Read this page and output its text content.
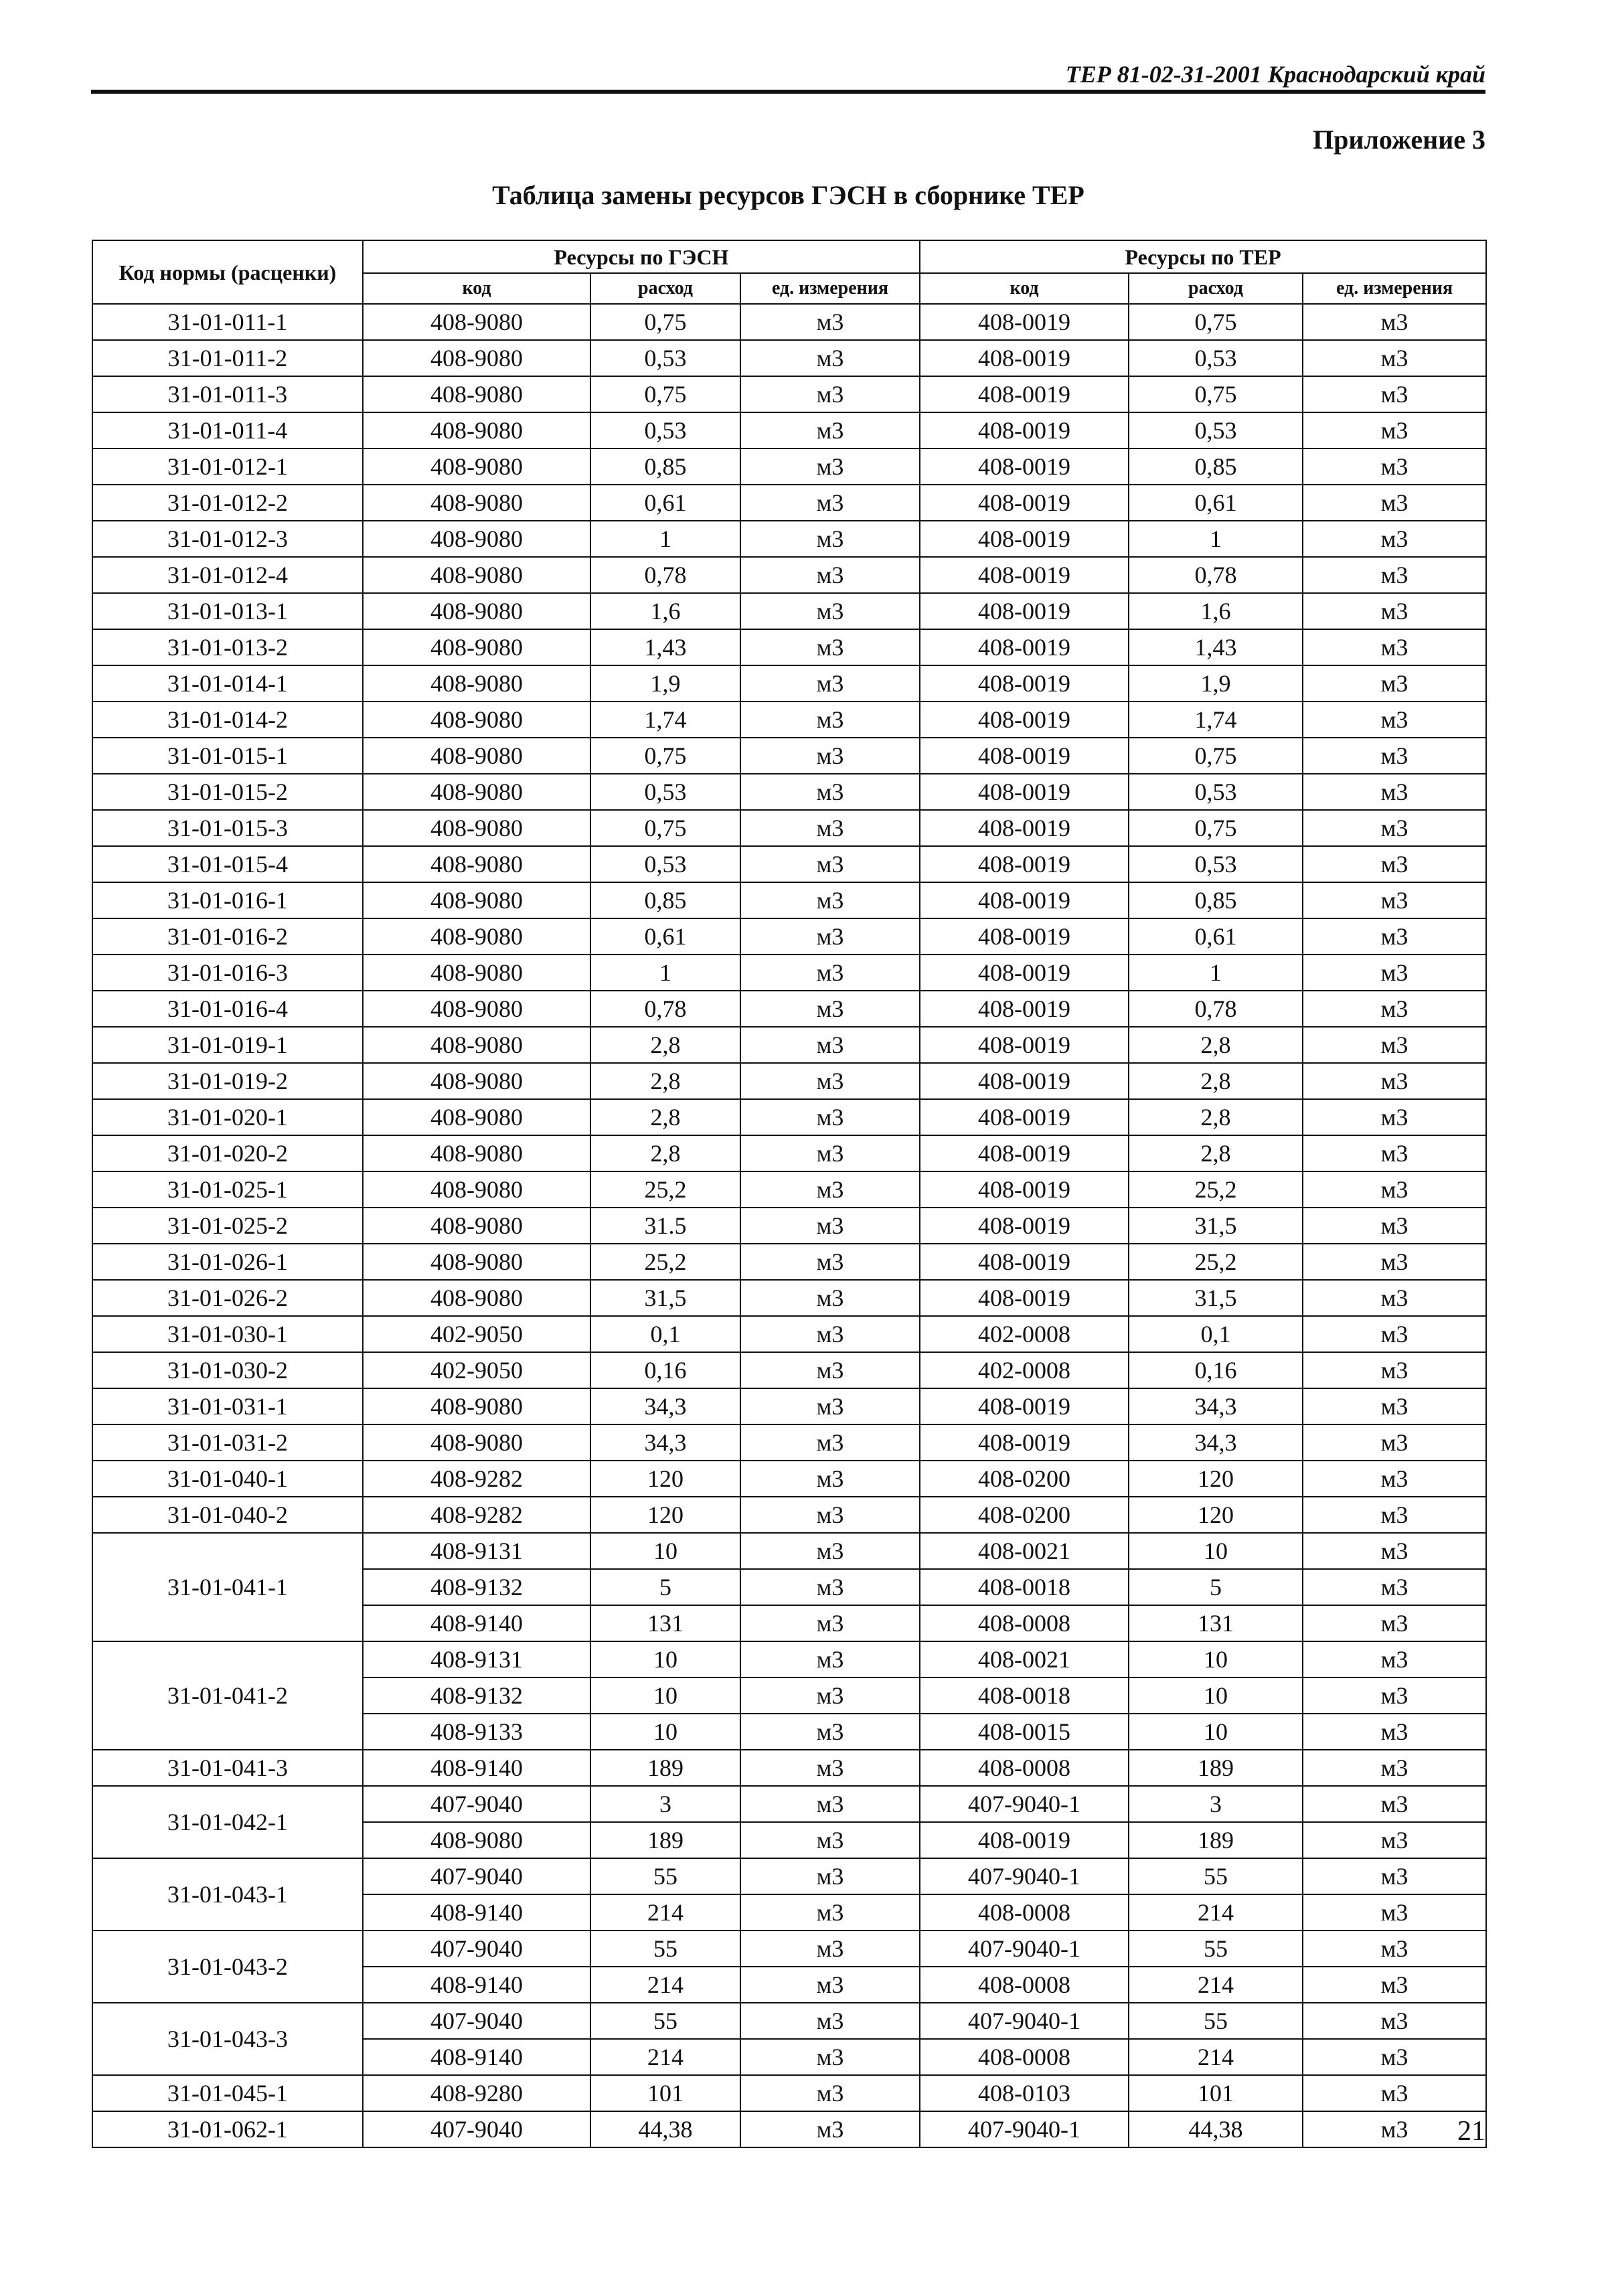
ТЕР 81-02-31-2001 Краснодарский край
Приложение 3
Таблица замены ресурсов ГЭСН в сборнике ТЕР
Код нормы (расценки)	Ресурсы по ГЭСН			Ресурсы по ТЕР		
	код	расход	ед. измерения	код	расход	ед. измерения
31-01-011-1	408-9080	0,75	м3	408-0019	0,75	м3
31-01-011-2	408-9080	0,53	м3	408-0019	0,53	м3
31-01-011-3	408-9080	0,75	м3	408-0019	0,75	м3
31-01-011-4	408-9080	0,53	м3	408-0019	0,53	м3
31-01-012-1	408-9080	0,85	м3	408-0019	0,85	м3
31-01-012-2	408-9080	0,61	м3	408-0019	0,61	м3
31-01-012-3	408-9080	1	м3	408-0019	1	м3
31-01-012-4	408-9080	0,78	м3	408-0019	0,78	м3
31-01-013-1	408-9080	1,6	м3	408-0019	1,6	м3
31-01-013-2	408-9080	1,43	м3	408-0019	1,43	м3
31-01-014-1	408-9080	1,9	м3	408-0019	1,9	м3
31-01-014-2	408-9080	1,74	м3	408-0019	1,74	м3
31-01-015-1	408-9080	0,75	м3	408-0019	0,75	м3
31-01-015-2	408-9080	0,53	м3	408-0019	0,53	м3
31-01-015-3	408-9080	0,75	м3	408-0019	0,75	м3
31-01-015-4	408-9080	0,53	м3	408-0019	0,53	м3
31-01-016-1	408-9080	0,85	м3	408-0019	0,85	м3
31-01-016-2	408-9080	0,61	м3	408-0019	0,61	м3
31-01-016-3	408-9080	1	м3	408-0019	1	м3
31-01-016-4	408-9080	0,78	м3	408-0019	0,78	м3
31-01-019-1	408-9080	2,8	м3	408-0019	2,8	м3
31-01-019-2	408-9080	2,8	м3	408-0019	2,8	м3
31-01-020-1	408-9080	2,8	м3	408-0019	2,8	м3
31-01-020-2	408-9080	2,8	м3	408-0019	2,8	м3
31-01-025-1	408-9080	25,2	м3	408-0019	25,2	м3
31-01-025-2	408-9080	31.5	м3	408-0019	31,5	м3
31-01-026-1	408-9080	25,2	м3	408-0019	25,2	м3
31-01-026-2	408-9080	31,5	м3	408-0019	31,5	м3
31-01-030-1	402-9050	0,1	м3	402-0008	0,1	м3
31-01-030-2	402-9050	0,16	м3	402-0008	0,16	м3
31-01-031-1	408-9080	34,3	м3	408-0019	34,3	м3
31-01-031-2	408-9080	34,3	м3	408-0019	34,3	м3
31-01-040-1	408-9282	120	м3	408-0200	120	м3
31-01-040-2	408-9282	120	м3	408-0200	120	м3
31-01-041-1	408-9131	10	м3	408-0021	10	м3
	408-9132	5	м3	408-0018	5	м3
	408-9140	131	м3	408-0008	131	м3
31-01-041-2	408-9131	10	м3	408-0021	10	м3
	408-9132	10	м3	408-0018	10	м3
	408-9133	10	м3	408-0015	10	м3
31-01-041-3	408-9140	189	м3	408-0008	189	м3
31-01-042-1	407-9040	3	м3	407-9040-1	3	м3
	408-9080	189	м3	408-0019	189	м3
31-01-043-1	407-9040	55	м3	407-9040-1	55	м3
	408-9140	214	м3	408-0008	214	м3
31-01-043-2	407-9040	55	м3	407-9040-1	55	м3
	408-9140	214	м3	408-0008	214	м3
31-01-043-3	407-9040	55	м3	407-9040-1	55	м3
	408-9140	214	м3	408-0008	214	м3
31-01-045-1	408-9280	101	м3	408-0103	101	м3
31-01-062-1	407-9040	44,38	м3	407-9040-1	44,38	м3	21
